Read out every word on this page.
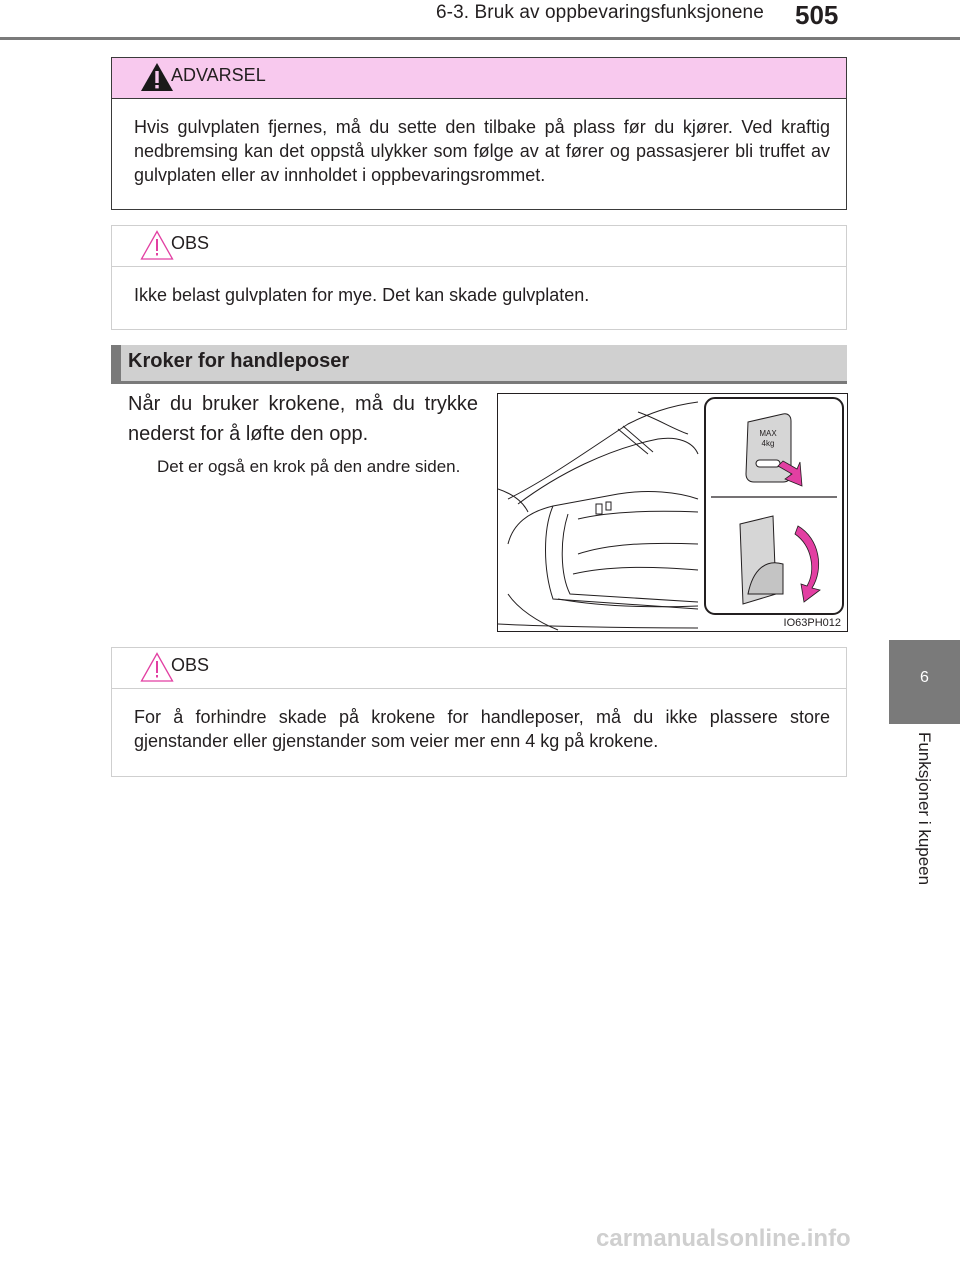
6-3. Bruk av oppbevaringsfunksjonene 505
6
Funksjoner i kupeen
ADVARSEL
Hvis gulvplaten fjernes, må du sette den tilbake på plass før du kjører. Ved kraftig nedbremsing kan det oppstå ulykker som følge av at fører og passasjerer bli truffet av gulvplaten eller av innholdet i oppbevaringsrommet.
OBS
Ikke belast gulvplaten for mye. Det kan skade gulvplaten.
Kroker for handleposer
Når du bruker krokene, må du trykke nederst for å løfte den opp.
Det er også en krok på den andre siden.
MAX
4kg
IO63PH012
OBS
For å forhindre skade på krokene for handleposer, må du ikke plassere store gjenstander eller gjenstander som veier mer enn 4 kg på krokene.
carmanualsonline.info
